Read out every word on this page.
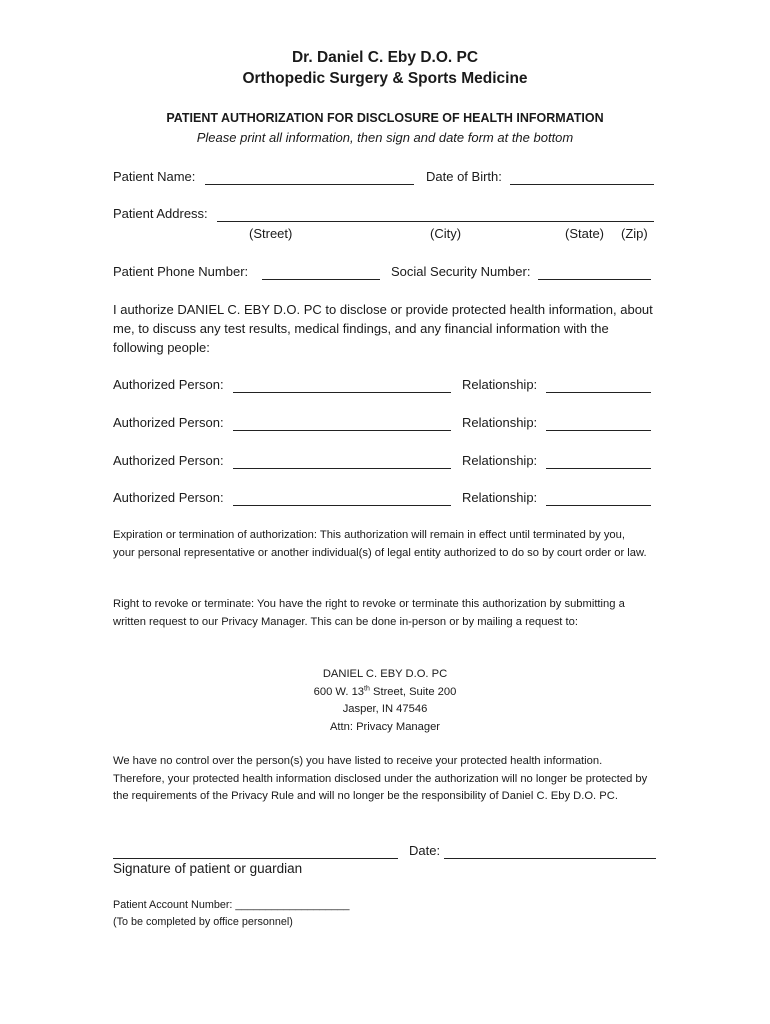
Dr. Daniel C. Eby D.O. PC
Orthopedic Surgery & Sports Medicine
PATIENT AUTHORIZATION FOR DISCLOSURE OF HEALTH INFORMATION
Please print all information, then sign and date form at the bottom
Patient Name:	Date of Birth:
Patient Address:
(Street)	(City)	(State) (Zip)
Patient Phone Number:	Social Security Number:
I authorize DANIEL C. EBY D.O. PC to disclose or provide protected health information, about me, to discuss any test results, medical findings, and any financial information with the following people:
Authorized Person:	Relationship:
Authorized Person:	Relationship:
Authorized Person:	Relationship:
Authorized Person:	Relationship:
Expiration or termination of authorization: This authorization will remain in effect until terminated by you, your personal representative or another individual(s) of legal entity authorized to do so by court order or law.
Right to revoke or terminate: You have the right to revoke or terminate this authorization by submitting a written request to our Privacy Manager. This can be done in-person or by mailing a request to:
DANIEL C. EBY D.O. PC
600 W. 13th Street, Suite 200
Jasper, IN 47546
Attn: Privacy Manager
We have no control over the person(s) you have listed to receive your protected health information. Therefore, your protected health information disclosed under the authorization will no longer be protected by the requirements of the Privacy Rule and will no longer be the responsibility of Daniel C. Eby D.O. PC.
Date:
Signature of patient or guardian
Patient Account Number: ___________________
(To be completed by office personnel)
